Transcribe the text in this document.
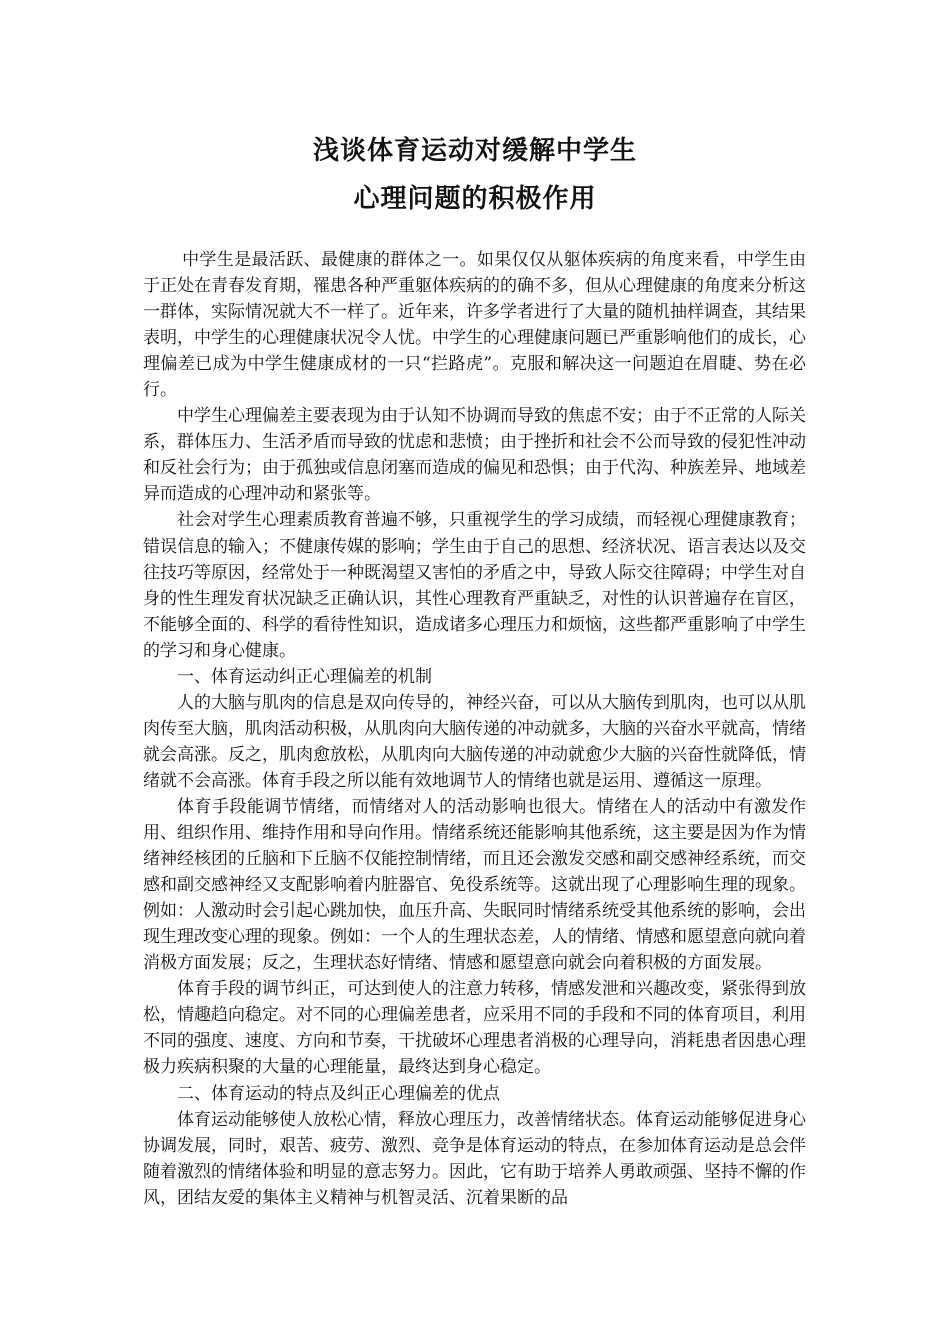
浅谈体育运动对缓解中学生
心理问题的积极作用

中学生是最活跃、最健康的群体之一。如果仅仅从躯体疾病的角度来看，中学生由于正处在青春发育期，罹患各种严重躯体疾病的的确不多，但从心理健康的角度来分析这一群体，实际情况就大不一样了。近年来，许多学者进行了大量的随机抽样调查，其结果表明，中学生的心理健康状况令人忧。中学生的心理健康问题已严重影响他们的成长，心理偏差已成为中学生健康成材的一只“拦路虎”。克服和解决这一问题迫在眉睫、势在必行。

中学生心理偏差主要表现为由于认知不协调而导致的焦虑不安；由于不正常的人际关系，群体压力、生活矛盾而导致的忧虑和悲愤；由于挫折和社会不公而导致的侵犯性冲动和反社会行为；由于孤独或信息闭塞而造成的偏见和恐惧；由于代沟、种族差异、地域差异而造成的心理冲动和紧张等。

社会对学生心理素质教育普遍不够，只重视学生的学习成绩，而轻视心理健康教育；错误信息的输入；不健康传媒的影响；学生由于自己的思想、经济状况、语言表达以及交往技巧等原因，经常处于一种既渴望又害怕的矛盾之中，导致人际交往障碍；中学生对自身的性生理发育状况缺乏正确认识，其性心理教育严重缺乏，对性的认识普遍存在盲区，不能够全面的、科学的看待性知识，造成诸多心理压力和烦恼，这些都严重影响了中学生的学习和身心健康。

一、体育运动纠正心理偏差的机制

人的大脑与肌肉的信息是双向传导的，神经兴奋，可以从大脑传到肌肉，也可以从肌肉传至大脑，肌肉活动积极，从肌肉向大脑传递的冲动就多，大脑的兴奋水平就高，情绪就会高涨。反之，肌肉愈放松，从肌肉向大脑传递的冲动就愈少大脑的兴奋性就降低，情绪就不会高涨。体育手段之所以能有效地调节人的情绪也就是运用、遵循这一原理。

体育手段能调节情绪，而情绪对人的活动影响也很大。情绪在人的活动中有激发作用、组织作用、维持作用和导向作用。情绪系统还能影响其他系统，这主要是因为作为情绪神经核团的丘脑和下丘脑不仅能控制情绪，而且还会激发交感和副交感神经系统，而交感和副交感神经又支配影响着内脏器官、免役系统等。这就出现了心理影响生理的现象。例如：人激动时会引起心跳加快，血压升高、失眠同时情绪系统受其他系统的影响，会出现生理改变心理的现象。例如：一个人的生理状态差，人的情绪、情感和愿望意向就向着消极方面发展；反之，生理状态好情绪、情感和愿望意向就会向着积极的方面发展。

体育手段的调节纠正，可达到使人的注意力转移，情感发泄和兴趣改变，紧张得到放松，情趣趋向稳定。对不同的心理偏差患者，应采用不同的手段和不同的体育项目，利用不同的强度、速度、方向和节奏，干扰破坏心理患者消极的心理导向，消耗患者因患心理极力疾病积聚的大量的心理能量，最终达到身心稳定。

二、体育运动的特点及纠正心理偏差的优点

体育运动能够使人放松心情，释放心理压力，改善情绪状态。体育运动能够促进身心协调发展，同时，艰苦、疲劳、激烈、竞争是体育运动的特点，在参加体育运动是总会伴随着激烈的情绪体验和明显的意志努力。因此，它有助于培养人勇敢顽强、坚持不懈的作风，团结友爱的集体主义精神与机智灵活、沉着果断的品
